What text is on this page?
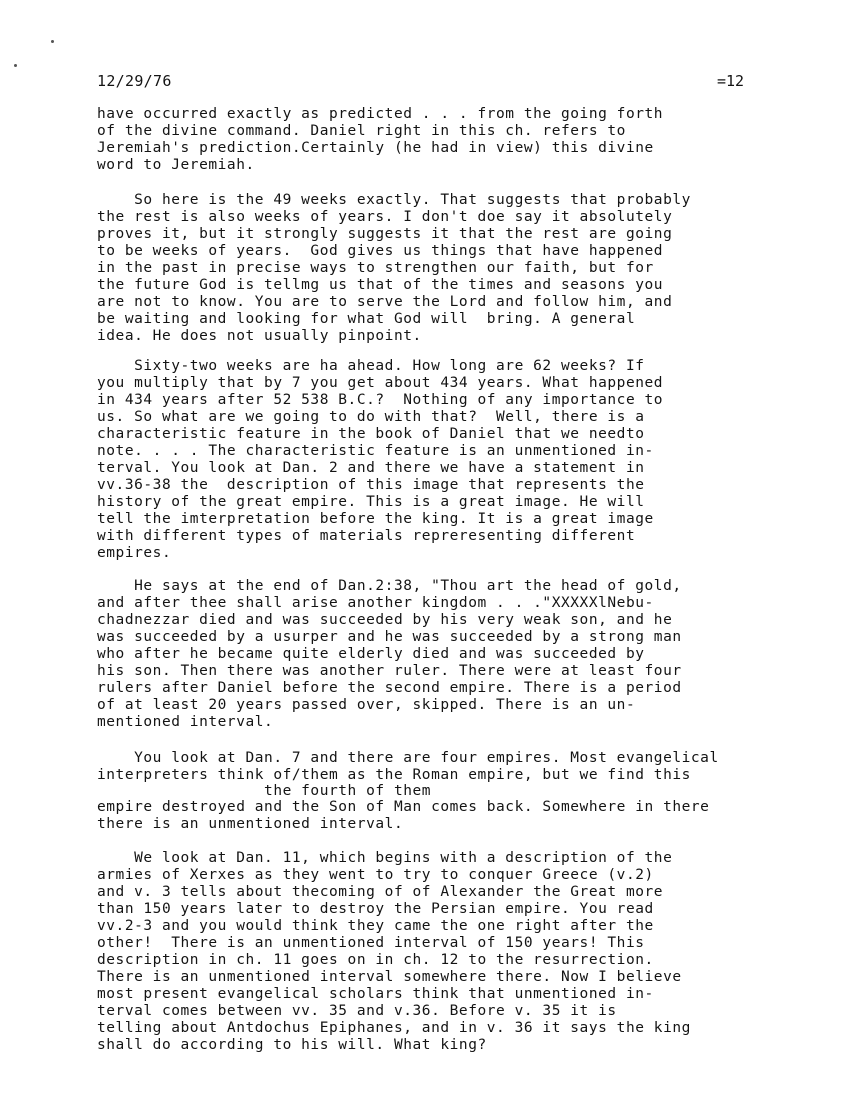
12/29/76	=12
have occurred exactly as predicted . . . from the going forth
of the divine command. Daniel right in this ch. refers to
Jeremiah's prediction.Certainly (he had in view) this divine
word to Jeremiah.
So here is the 49 weeks exactly. That suggests that probably
the rest is also weeks of years. I don't doe say it absolutely
proves it, but it strongly suggests it that the rest are going
to be weeks of years.  God gives us things that have happened
in the past in precise ways to strengthen our faith, but for
the future God is tellmg us that of the times and seasons you
are not to know. You are to serve the Lord and follow him, and
be waiting and looking for what God will  bring. A general
idea. He does not usually pinpoint.
Sixty-two weeks are ha ahead. How long are 62 weeks? If
you multiply that by 7 you get about 434 years. What happened
in 434 years after 52 538 B.C.?  Nothing of any importance to
us. So what are we going to do with that?  Well, there is a
characteristic feature in the book of Daniel that we needto
note. . . . The characteristic feature is an unmentioned in-
terval. You look at Dan. 2 and there we have a statement in
vv.36-38 the  description of this image that represents the
history of the great empire. This is a great image. He will
tell the imterpretation before the king. It is a great image
with different types of materials repreresenting different
empires.
He says at the end of Dan.2:38, "Thou art the head of gold,
and after thee shall arise another kingdom . . ."XXXXXlNebu-
chadnezzar died and was succeeded by his very weak son, and he
was succeeded by a usurper and he was succeeded by a strong man
who after he became quite elderly died and was succeeded by
his son. Then there was another ruler. There were at least four
rulers after Daniel before the second empire. There is a period
of at least 20 years passed over, skipped. There is an un-
mentioned interval.
You look at Dan. 7 and there are four empires. Most evangelical
interpreters think of/them as the Roman empire, but we find this
the fourth of them
empire destroyed and the Son of Man comes back. Somewhere in there
there is an unmentioned interval.
We look at Dan. 11, which begins with a description of the
armies of Xerxes as they went to try to conquer Greece (v.2)
and v. 3 tells about thecoming of of Alexander the Great more
than 150 years later to destroy the Persian empire. You read
vv.2-3 and you would think they came the one right after the
other!  There is an unmentioned interval of 150 years! This
description in ch. 11 goes on in ch. 12 to the resurrection.
There is an unmentioned interval somewhere there. Now I believe
most present evangelical scholars think that unmentioned in-
terval comes between vv. 35 and v.36. Before v. 35 it is
telling about Antdochus Epiphanes, and in v. 36 it says the king
shall do according to his will. What king?
